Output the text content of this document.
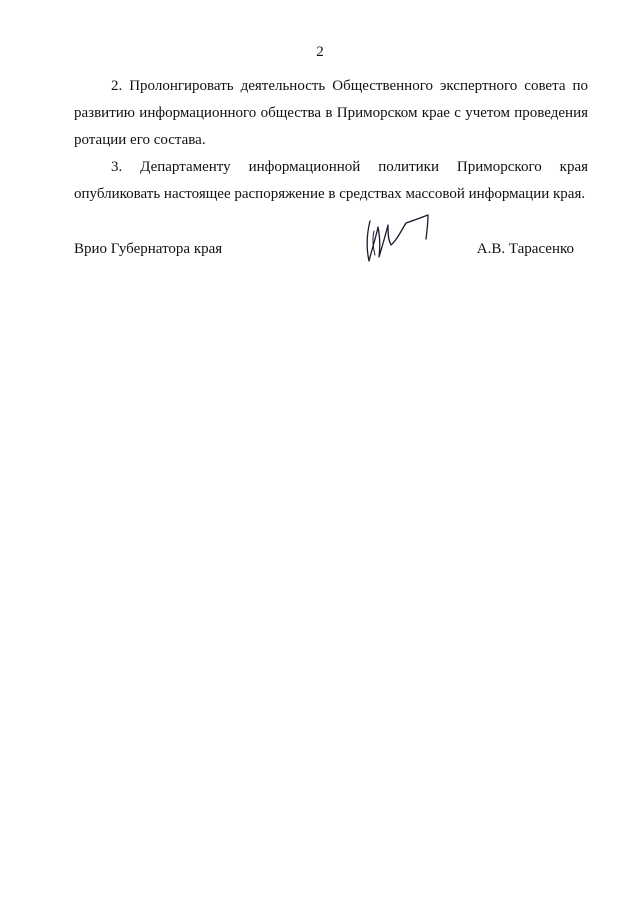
2

2. Пролонгировать деятельность Общественного экспертного совета по развитию информационного общества в Приморском крае с учетом проведения ротации его состава.

3. Департаменту информационной политики Приморского края опубликовать настоящее распоряжение в средствах массовой информации края.

Врио Губернатора края	А.В. Тарасенко
